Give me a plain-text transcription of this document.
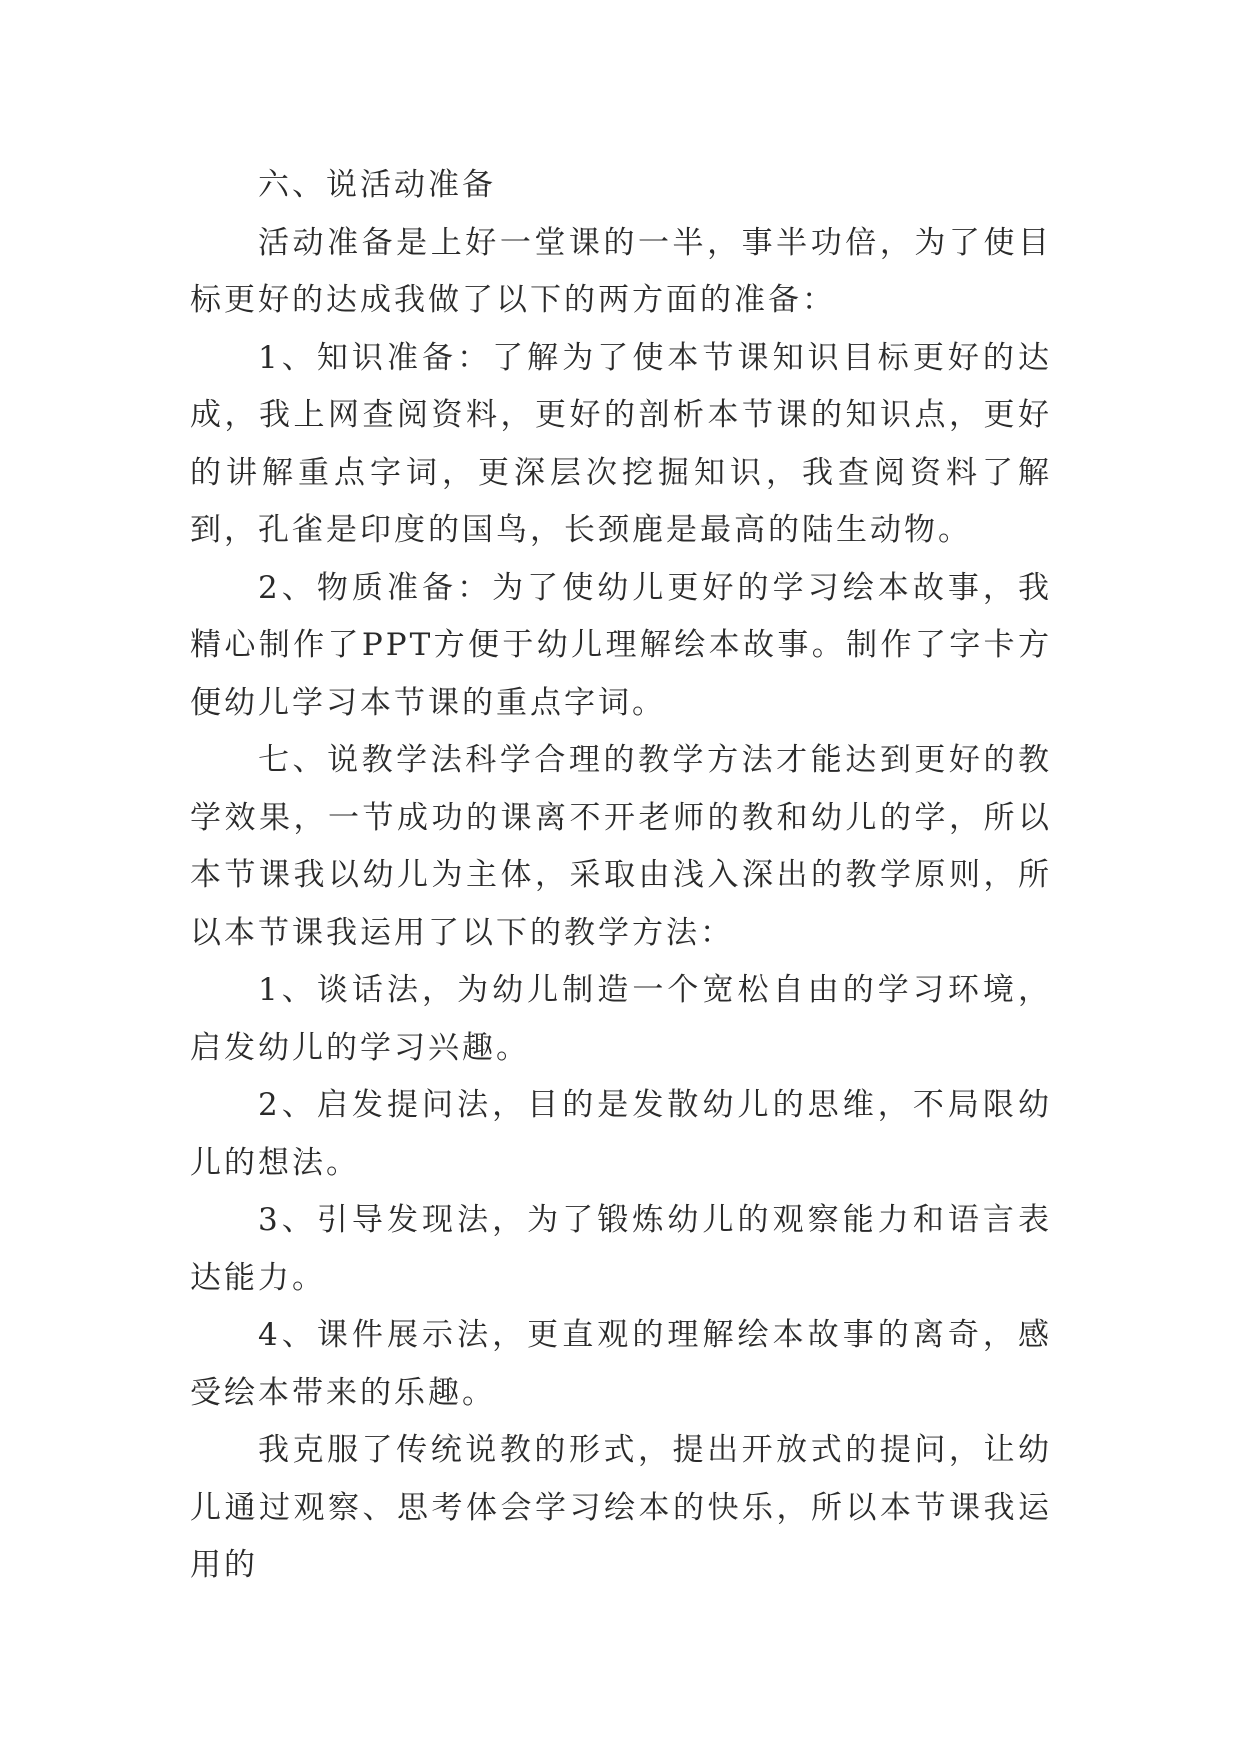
六、说活动准备

活动准备是上好一堂课的一半，事半功倍，为了使目标更好的达成我做了以下的两方面的准备：

1、知识准备：了解为了使本节课知识目标更好的达成，我上网查阅资料，更好的剖析本节课的知识点，更好的讲解重点字词，更深层次挖掘知识，我查阅资料了解到，孔雀是印度的国鸟，长颈鹿是最高的陆生动物。

2、物质准备：为了使幼儿更好的学习绘本故事，我精心制作了PPT方便于幼儿理解绘本故事。制作了字卡方便幼儿学习本节课的重点字词。

七、说教学法科学合理的教学方法才能达到更好的教学效果，一节成功的课离不开老师的教和幼儿的学，所以本节课我以幼儿为主体，采取由浅入深出的教学原则，所以本节课我运用了以下的教学方法：

1、谈话法，为幼儿制造一个宽松自由的学习环境，启发幼儿的学习兴趣。

2、启发提问法，目的是发散幼儿的思维，不局限幼儿的想法。

3、引导发现法，为了锻炼幼儿的观察能力和语言表达能力。

4、课件展示法，更直观的理解绘本故事的离奇，感受绘本带来的乐趣。

我克服了传统说教的形式，提出开放式的提问，让幼儿通过观察、思考体会学习绘本的快乐，所以本节课我运用的
